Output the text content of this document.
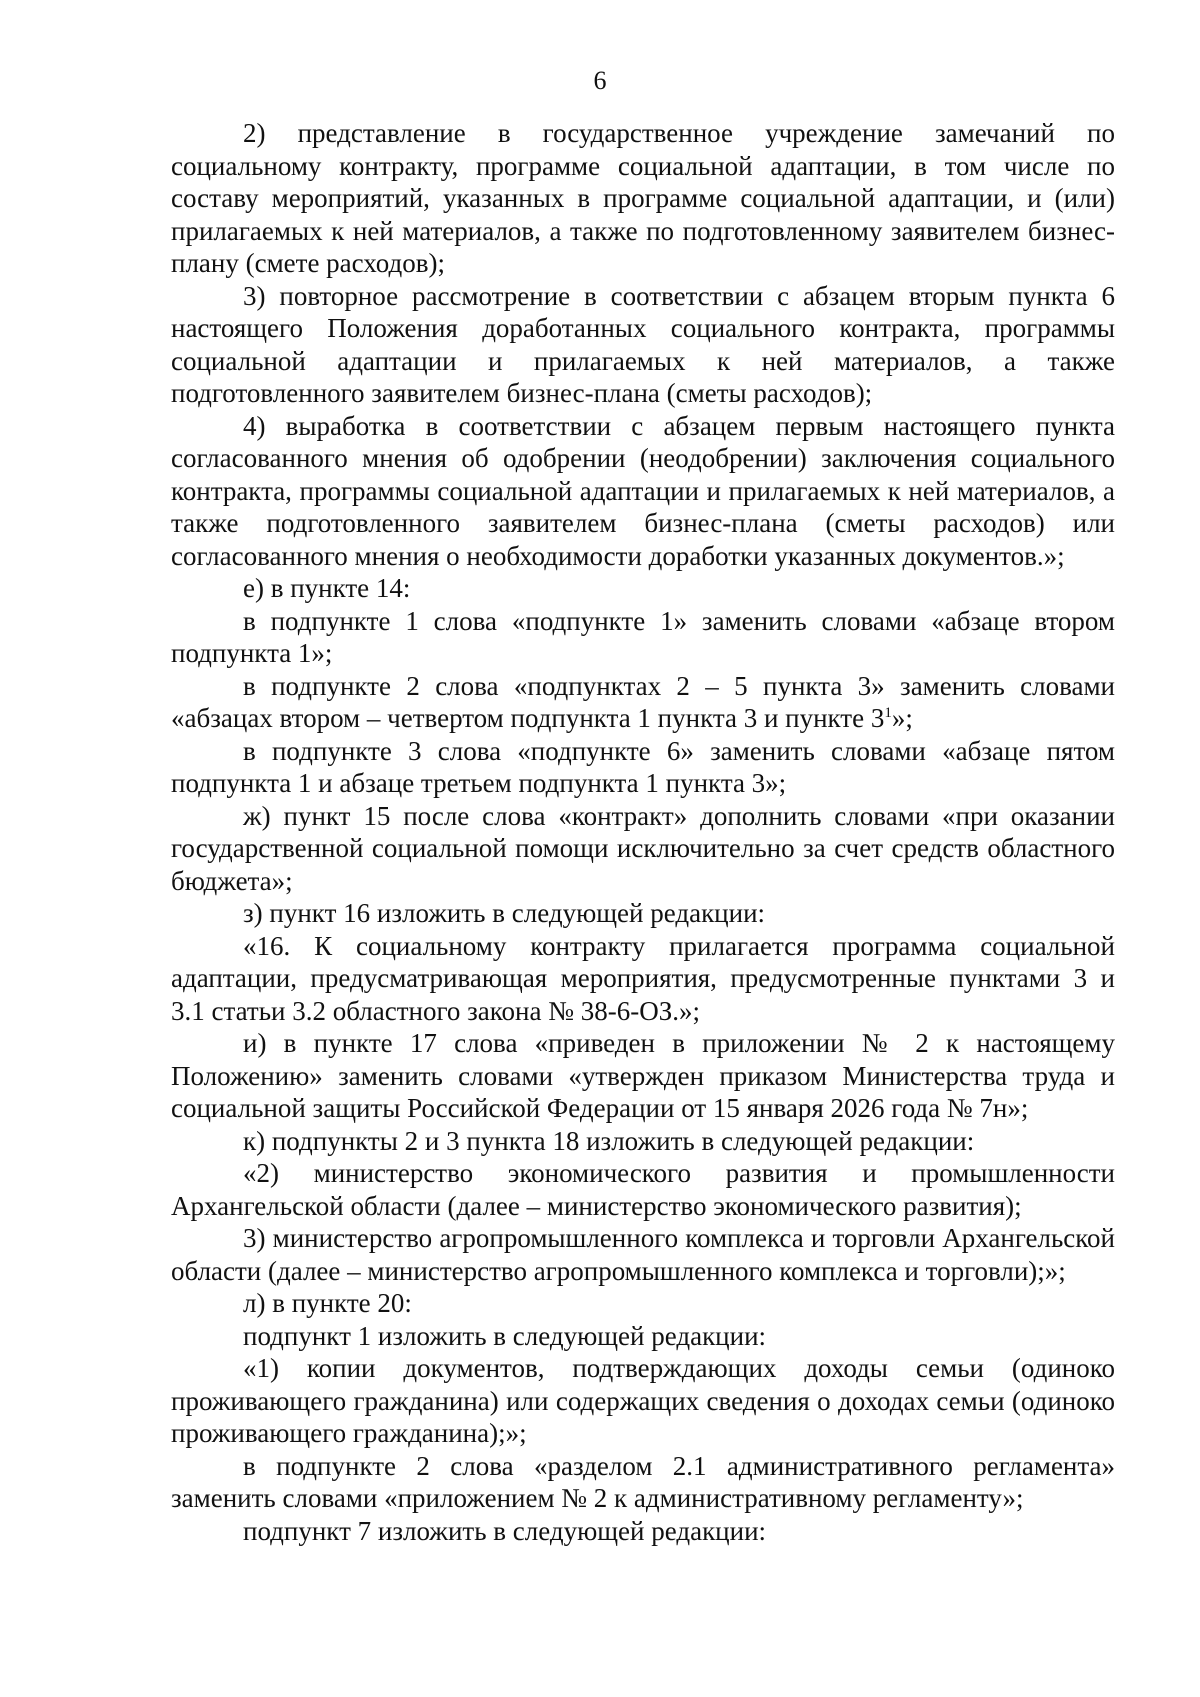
6

2) представление в государственное учреждение замечаний по социальному контракту, программе социальной адаптации, в том числе по составу мероприятий, указанных в программе социальной адаптации, и (или) прилагаемых к ней материалов, а также по подготовленному заявителем бизнес-плану (смете расходов);

3) повторное рассмотрение в соответствии с абзацем вторым пункта 6 настоящего Положения доработанных социального контракта, программы социальной адаптации и прилагаемых к ней материалов, а также подготовленного заявителем бизнес-плана (сметы расходов);

4) выработка в соответствии с абзацем первым настоящего пункта согласованного мнения об одобрении (неодобрении) заключения социального контракта, программы социальной адаптации и прилагаемых к ней материалов, а также подготовленного заявителем бизнес-плана (сметы расходов) или согласованного мнения о необходимости доработки указанных документов.»;

е) в пункте 14:

в подпункте 1 слова «подпункте 1» заменить словами «абзаце втором подпункта 1»;

в подпункте 2 слова «подпунктах 2 – 5 пункта 3» заменить словами «абзацах втором – четвертом подпункта 1 пункта 3 и пункте $3^1$»;

в подпункте 3 слова «подпункте 6» заменить словами «абзаце пятом подпункта 1 и абзаце третьем подпункта 1 пункта 3»;

ж) пункт 15 после слова «контракт» дополнить словами «при оказании государственной социальной помощи исключительно за счет средств областного бюджета»;

з) пункт 16 изложить в следующей редакции:

«16. К социальному контракту прилагается программа социальной адаптации, предусматривающая мероприятия, предусмотренные пунктами 3 и 3.1 статьи 3.2 областного закона № 38-6-ОЗ.»;

и) в пункте 17 слова «приведен в приложении № 2 к настоящему Положению» заменить словами «утвержден приказом Министерства труда и социальной защиты Российской Федерации от 15 января 2026 года № 7н»;

к) подпункты 2 и 3 пункта 18 изложить в следующей редакции:

«2) министерство экономического развития и промышленности Архангельской области (далее – министерство экономического развития);

3) министерство агропромышленного комплекса и торговли Архангельской области (далее – министерство агропромышленного комплекса и торговли);»;

л) в пункте 20:

подпункт 1 изложить в следующей редакции:

«1) копии документов, подтверждающих доходы семьи (одиноко проживающего гражданина) или содержащих сведения о доходах семьи (одиноко проживающего гражданина);»;

в подпункте 2 слова «разделом 2.1 административного регламента» заменить словами «приложением № 2 к административному регламенту»;

подпункт 7 изложить в следующей редакции:
